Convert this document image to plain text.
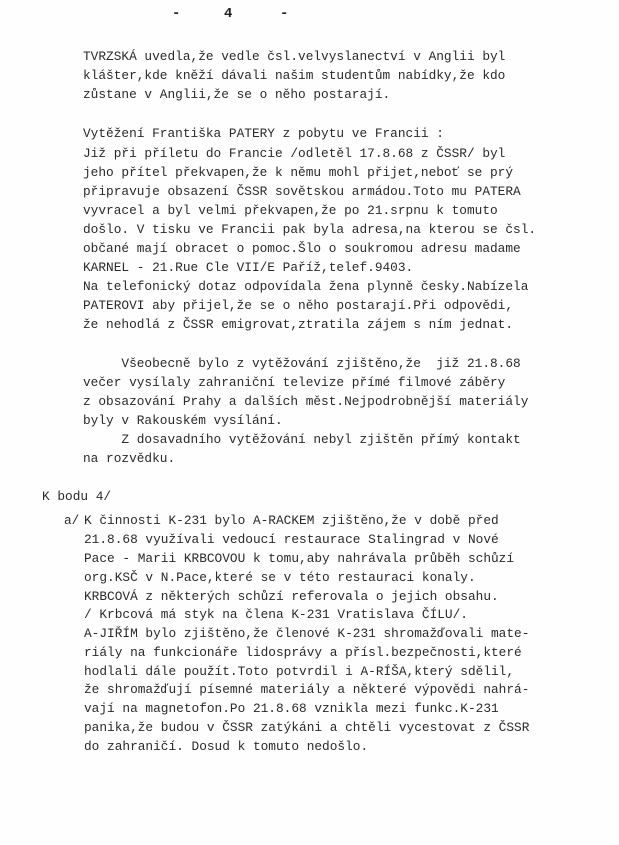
-	4	-
TVRZSKÁ uvedla,že vedle čsl.velvyslanectví v Anglii byl
klášter,kde kněží dávali našim studentům nabídky,že kdo
zůstane v Anglii,že se o něho postarají.
Vytěžení Františka PATERY z pobytu ve Francii :
Již při příletu do Francie /odletěl 17.8.68 z ČSSR/ byl
jeho přítel překvapen,že k němu mohl přijet,neboť se prý
připravuje obsazení ČSSR sovětskou armádou.Toto mu PATERA
vyvracel a byl velmi překvapen,že po 21.srpnu k tomuto
došlo. V tisku ve Francii pak byla adresa,na kterou se čsl.
občané mají obracet o pomoc.Šlo o soukromou adresu madame
KARNEL - 21.Rue Cle VII/E Paříž,telef.9403.
Na telefonický dotaz odpovídala žena plynně česky.Nabízela
PATEROVI aby přijel,že se o něho postarají.Při odpovědi,
že nehodlá z ČSSR emigrovat,ztratila zájem s ním jednat.
Všeobecně bylo z vytěžování zjištěno,že  již 21.8.68
večer vysílaly zahraniční televize přímé filmové záběry
z obsazování Prahy a dalších měst.Nejpodrobnější materiály
byly v Rakouském vysílání.
Z dosavadního vytěžování nebyl zjištěn přímý kontakt
na rozvědku.
K bodu 4/
a/ K činnosti K-231 bylo A-RACKEM zjištěno,že v době před
21.8.68 využívali vedoucí restaurace Stalingrad v Nové
Pace - Marii KRBCOVOU k tomu,aby nahrávala průběh schůzí
org.KSČ v N.Pace,které se v této restauraci konaly.
KRBCOVÁ z některých schůzí referovala o jejich obsahu.
/ Krbcová má styk na člena K-231 Vratislava ČÍLU/.
A-JIŘÍM bylo zjištěno,že členové K-231 shromažďovali mate-
riály na funkcionáře lidosprávy a přísl.bezpečnosti,které
hodlali dále použít.Toto potvrdil i A-RÍŠA,který sdělil,
že shromažďují písemné materiály a některé výpovědi nahrá-
vají na magnetofon.Po 21.8.68 vznikla mezi funkc.K-231
panika,že budou v ČSSR zatýkáni a chtěli vycestovat z ČSSR
do zahraničí. Dosud k tomuto nedošlo.
